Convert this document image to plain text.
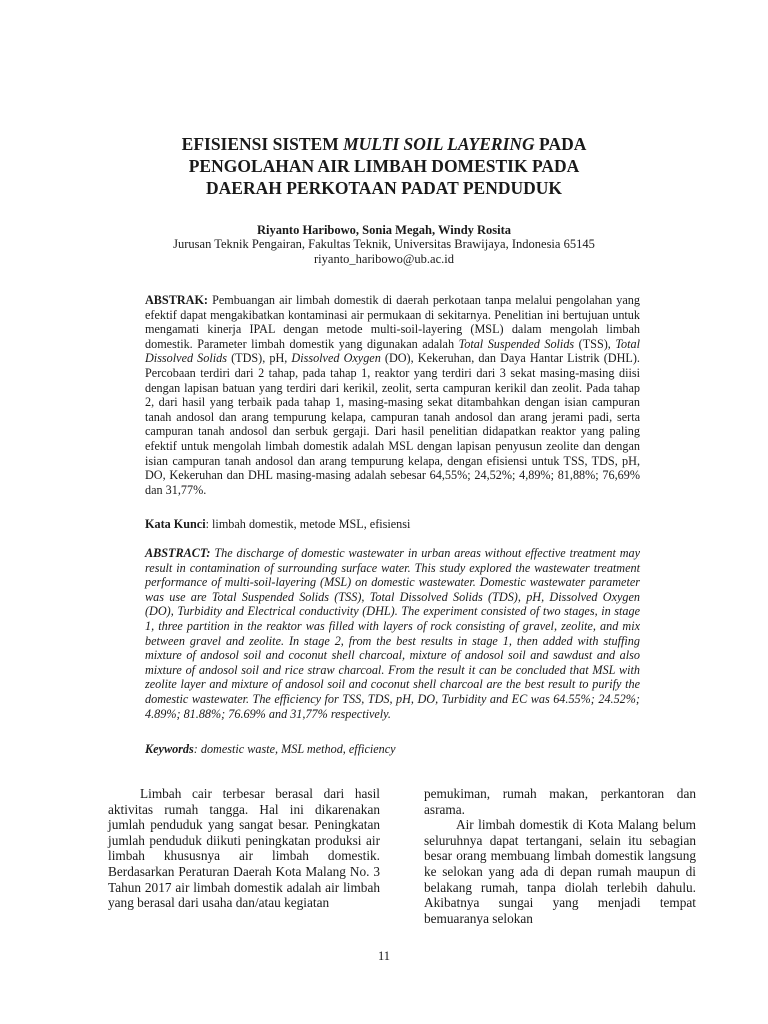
EFISIENSI SISTEM MULTI SOIL LAYERING PADA
PENGOLAHAN AIR LIMBAH DOMESTIK PADA
DAERAH PERKOTAAN PADAT PENDUDUK
Riyanto Haribowo, Sonia Megah, Windy Rosita
Jurusan Teknik Pengairan, Fakultas Teknik, Universitas Brawijaya, Indonesia 65145
riyanto_haribowo@ub.ac.id
ABSTRAK: Pembuangan air limbah domestik di daerah perkotaan tanpa melalui pengolahan yang efektif dapat mengakibatkan kontaminasi air permukaan di sekitarnya. Penelitian ini bertujuan untuk mengamati kinerja IPAL dengan metode multi-soil-layering (MSL) dalam mengolah limbah domestik. Parameter limbah domestik yang digunakan adalah Total Suspended Solids (TSS), Total Dissolved Solids (TDS), pH, Dissolved Oxygen (DO), Kekeruhan, dan Daya Hantar Listrik (DHL). Percobaan terdiri dari 2 tahap, pada tahap 1, reaktor yang terdiri dari 3 sekat masing-masing diisi dengan lapisan batuan yang terdiri dari kerikil, zeolit, serta campuran kerikil dan zeolit. Pada tahap 2, dari hasil yang terbaik pada tahap 1, masing-masing sekat ditambahkan dengan isian campuran tanah andosol dan arang tempurung kelapa, campuran tanah andosol dan arang jerami padi, serta campuran tanah andosol dan serbuk gergaji. Dari hasil penelitian didapatkan reaktor yang paling efektif untuk mengolah limbah domestik adalah MSL dengan lapisan penyusun zeolite dan dengan isian campuran tanah andosol dan arang tempurung kelapa, dengan efisiensi untuk TSS, TDS, pH, DO, Kekeruhan dan DHL masing-masing adalah sebesar 64,55%; 24,52%; 4,89%; 81,88%; 76,69% dan 31,77%.
Kata Kunci: limbah domestik, metode MSL, efisiensi
ABSTRACT: The discharge of domestic wastewater in urban areas without effective treatment may result in contamination of surrounding surface water. This study explored the wastewater treatment performance of multi-soil-layering (MSL) on domestic wastewater. Domestic wastewater parameter was use are Total Suspended Solids (TSS), Total Dissolved Solids (TDS), pH, Dissolved Oxygen (DO), Turbidity and Electrical conductivity (DHL). The experiment consisted of two stages, in stage 1, three partition in the reaktor was filled with layers of rock consisting of gravel, zeolite, and mix between gravel and zeolite. In stage 2, from the best results in stage 1, then added with stuffing mixture of andosol soil and coconut shell charcoal, mixture of andosol soil and sawdust and also mixture of andosol soil and rice straw charcoal. From the result it can be concluded that MSL with zeolite layer and mixture of andosol soil and coconut shell charcoal are the best result to purify the domestic wastewater. The efficiency for TSS, TDS, pH, DO, Turbidity and EC was 64.55%; 24.52%; 4.89%; 81.88%; 76.69% and 31,77% respectively.
Keywords: domestic waste, MSL method, efficiency

Limbah cair terbesar berasal dari hasil aktivitas rumah tangga. Hal ini dikarenakan jumlah penduduk yang sangat besar. Peningkatan jumlah penduduk diikuti peningkatan produksi air limbah khususnya air limbah domestik. Berdasarkan Peraturan Daerah Kota Malang No. 3 Tahun 2017 air limbah domestik adalah air limbah yang berasal dari usaha dan/atau kegiatan

pemukiman, rumah makan, perkantoran dan asrama.

Air limbah domestik di Kota Malang belum seluruhnya dapat tertangani, selain itu sebagian besar orang membuang limbah domestik langsung ke selokan yang ada di depan rumah maupun di belakang rumah, tanpa diolah terlebih dahulu. Akibatnya sungai yang menjadi tempat bemuaranya selokan

11
